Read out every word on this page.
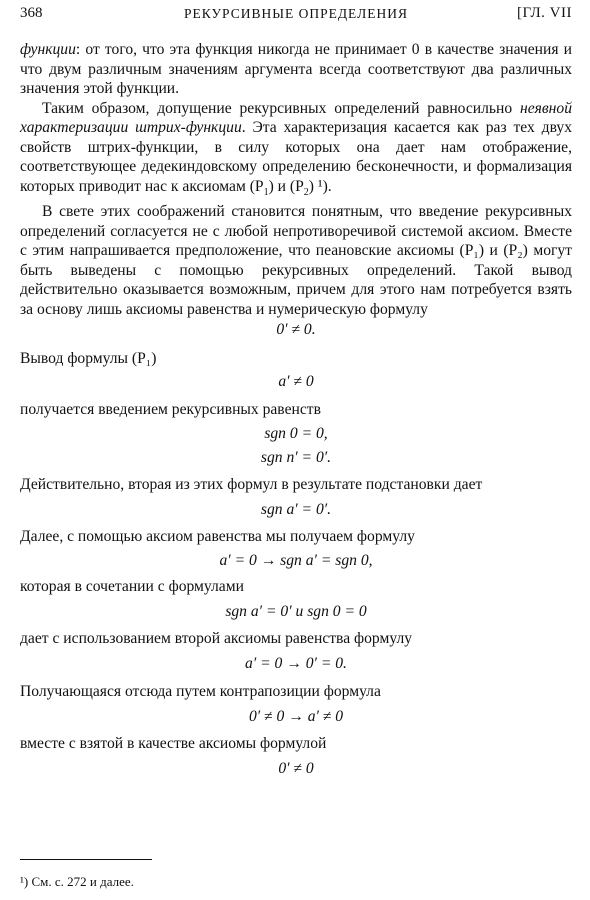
368	РЕКУРСИВНЫЕ ОПРЕДЕЛЕНИЯ	[ГЛ. VII

функции: от того, что эта функция никогда не принимает 0 в качестве значения и что двум различным значениям аргумента всегда соответствуют два различных значения этой функции.

Таким образом, допущение рекурсивных определений равносильно неявной характеризации штрих-функции. Эта характеризация касается как раз тех двух свойств штрих-функции, в силу которых она дает нам отображение, соответствующее дедекиндовскому определению бесконечности, и формализация которых приводит нас к аксиомам $(P_1)$ и $(P_2)$ ¹).

В свете этих соображений становится понятным, что введение рекурсивных определений согласуется не с любой непротиворечивой системой аксиом. Вместе с этим напрашивается предположение, что пеановские аксиомы (P₁) и (P₂) могут быть выведены с помощью рекурсивных определений. Такой вывод действительно оказывается возможным, причем для этого нам потребуется взять за основу лишь аксиомы равенства и нумерическую формулу

0′ ≠ 0.

Вывод формулы (P₁)

a′ ≠ 0

получается введением рекурсивных равенств

sgn 0 = 0,

sgn n′ = 0′.

Действительно, вторая из этих формул в результате подстановки дает

sgn a′ = 0′.

Далее, с помощью аксиом равенства мы получаем формулу

a′ = 0 → sgn a′ = sgn 0,

которая в сочетании с формулами

sgn a′ = 0′ и sgn 0 = 0

дает с использованием второй аксиомы равенства формулу

a′ = 0 → 0′ = 0.

Получающаяся отсюда путем контрапозиции формула

0′ ≠ 0 → a′ ≠ 0

вместе с взятой в качестве аксиомы формулой

0′ ≠ 0

¹) См. с. 272 и далее.
